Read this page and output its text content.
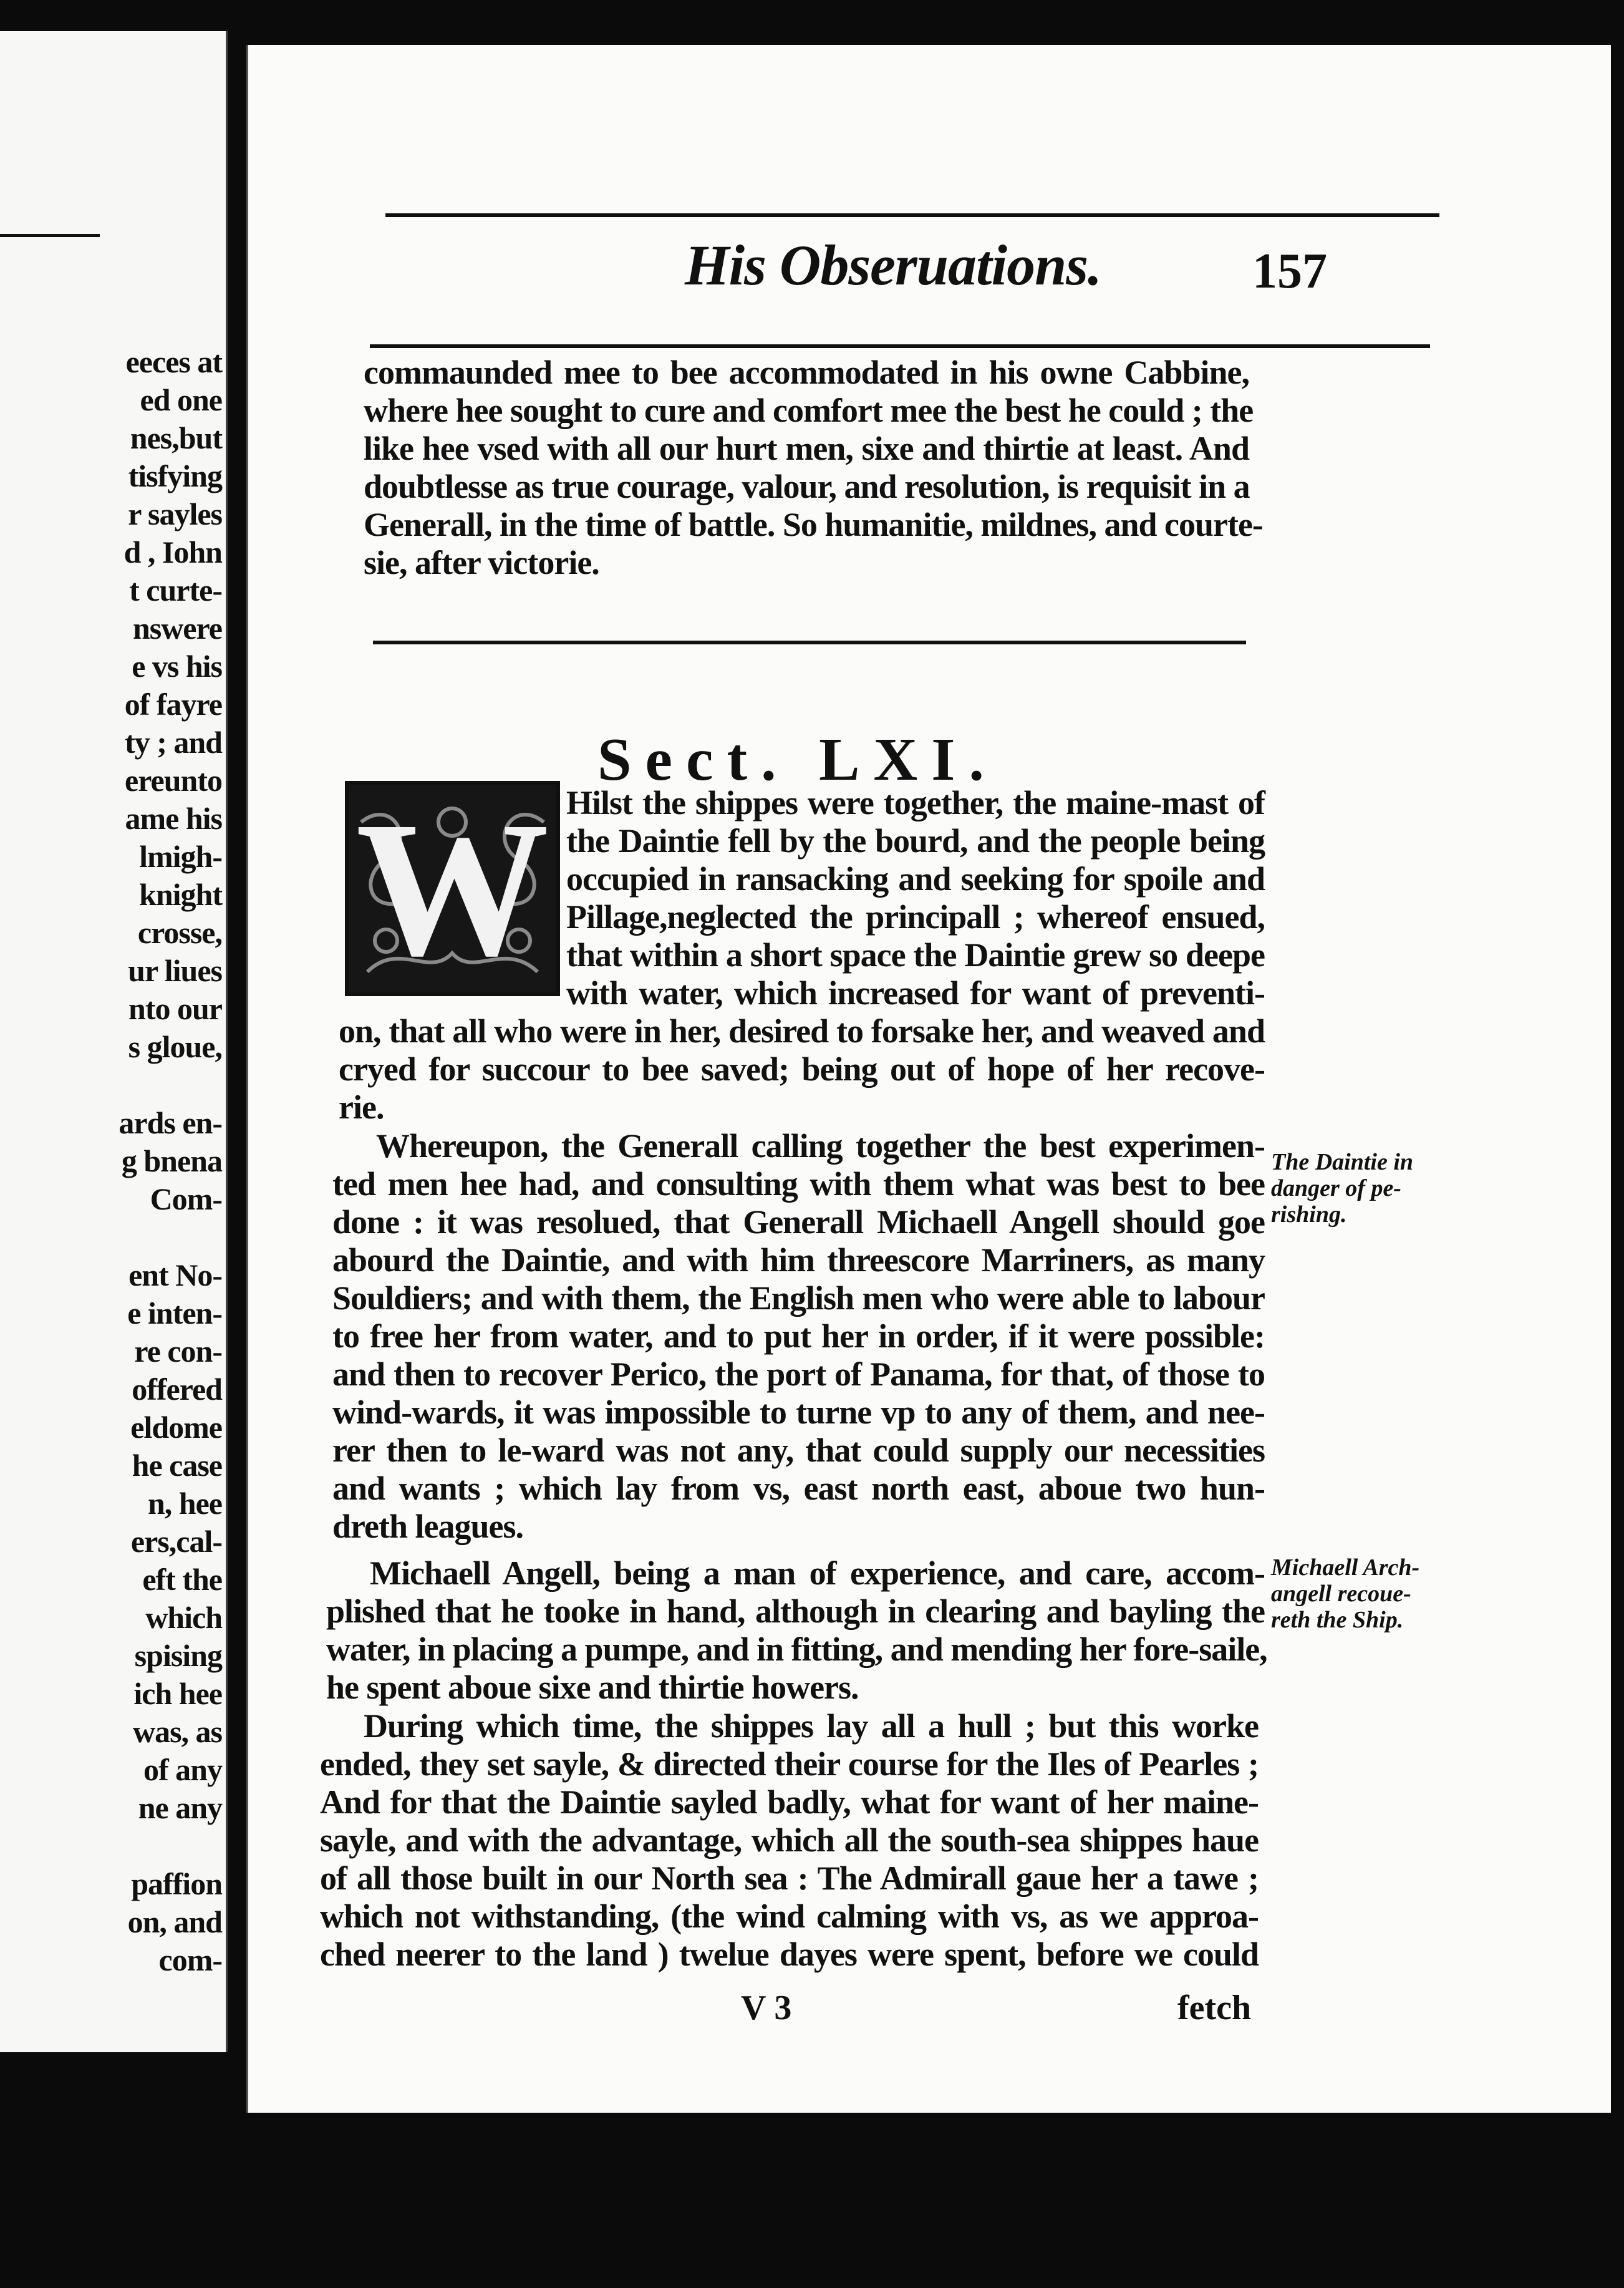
eeces at
ed one
nes,but
tisfying
r sayles
d , Iohn
t curte-
nswere
e vs his
of fayre
ty ; and
ereunto
ame his
lmigh-
knight
crosse,
ur liues
nto our
s gloue,
ards en-
g bnena
Com-
ent No-
e inten-
re con-
offered
eldome
he case
n, hee
ers,cal-
eft the
which
spising
ich hee
was, as
of any
ne any
paffion
on, and
com-
His Obseruations.	157
commaunded mee to bee accommodated in his owne Cabbine,
where hee sought to cure and comfort mee the best he could ; the
like hee vsed with all our hurt men, sixe and thirtie at least. And
doubtlesse as true courage, valour, and resolution, is requisit in a
Generall, in the time of battle. So humanitie, mildnes, and courte-
sie, after victorie.
Sect. LXI.
W Hilst the shippes were together, the maine-mast of
the Daintie fell by the bourd, and the people being
occupied in ransacking and seeking for spoile and
Pillage,neglected the principall ; whereof ensued,
that within a short space the Daintie grew so deepe
with water, which increased for want of preventi-
on, that all who were in her, desired to forsake her, and weaved and
cryed for succour to bee saved; being out of hope of her recove-
rie.
Whereupon, the Generall calling together the best experimen-
ted men hee had, and consulting with them what was best to bee
done : it was resolued, that Generall Michaell Angell should goe
abourd the Daintie, and with him threescore Marriners, as many
Souldiers; and with them, the English men who were able to labour
to free her from water, and to put her in order, if it were possible:
and then to recover Perico, the port of Panama, for that, of those to
wind-wards, it was impossible to turne vp to any of them, and nee-
rer then to le-ward was not any, that could supply our necessities
and wants ; which lay from vs, east north east, aboue two hun-
dreth leagues.
Michaell Angell, being a man of experience, and care, accom-
plished that he tooke in hand, although in clearing and bayling the
water, in placing a pumpe, and in fitting, and mending her fore-saile,
he spent aboue sixe and thirtie howers.
During which time, the shippes lay all a hull ; but this worke
ended, they set sayle, & directed their course for the Iles of Pearles ;
And for that the Daintie sayled badly, what for want of her maine-
sayle, and with the advantage, which all the south-sea shippes haue
of all those built in our North sea : The Admirall gaue her a tawe ;
which not withstanding, (the wind calming with vs, as we approa-
ched neerer to the land ) twelue dayes were spent, before we could
The Daintie in
danger of pe-
rishing.
Michaell Arch-
angell recoue-
reth the Ship.
V 3	fetch
